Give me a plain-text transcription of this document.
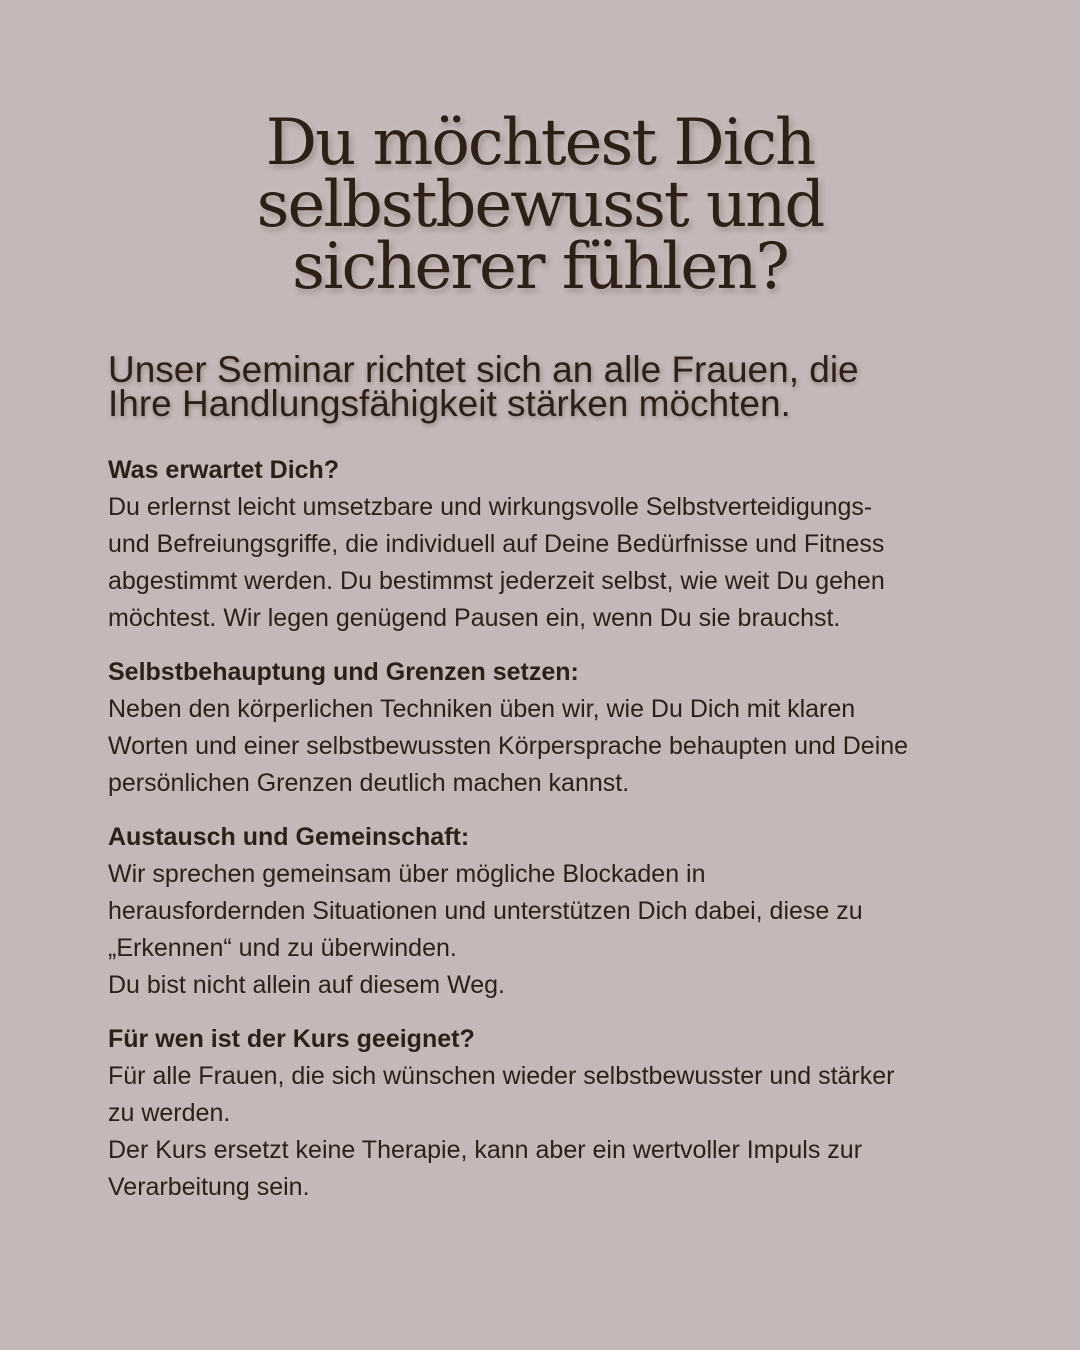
Du möchtest Dich
selbstbewusst und
sicherer fühlen?
Unser Seminar richtet sich an alle Frauen, die
Ihre Handlungsfähigkeit stärken möchten.

Was erwartet Dich?

Du erlernst leicht umsetzbare und wirkungsvolle Selbstverteidigungs-

und Befreiungsgriffe, die individuell auf Deine Bedürfnisse und Fitness

abgestimmt werden. Du bestimmst jederzeit selbst, wie weit Du gehen

möchtest. Wir legen genügend Pausen ein, wenn Du sie brauchst.

Selbstbehauptung und Grenzen setzen:

Neben den körperlichen Techniken üben wir, wie Du Dich mit klaren

Worten und einer selbstbewussten Körpersprache behaupten und Deine

persönlichen Grenzen deutlich machen kannst.

Austausch und Gemeinschaft:

Wir sprechen gemeinsam über mögliche Blockaden in

herausfordernden Situationen und unterstützen Dich dabei, diese zu

„Erkennen“ und zu überwinden.

Du bist nicht allein auf diesem Weg.

Für wen ist der Kurs geeignet?

Für alle Frauen, die sich wünschen wieder selbstbewusster und stärker

zu werden.

Der Kurs ersetzt keine Therapie, kann aber ein wertvoller Impuls zur

Verarbeitung sein.
